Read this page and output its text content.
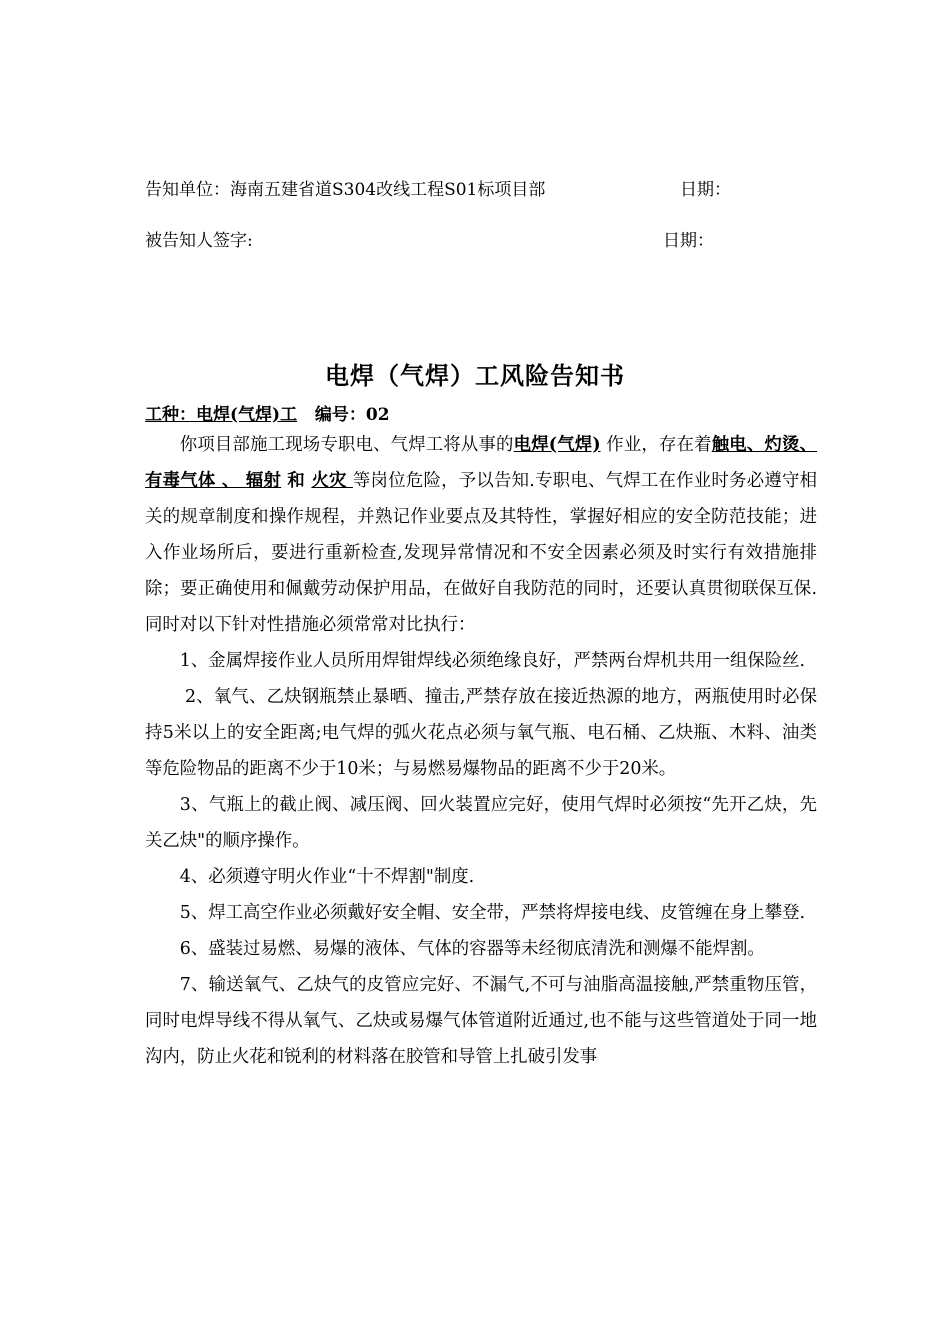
告知单位：海南五建省道S304改线工程S01标项目部	日期：
被告知人签字:	日期：
电焊（气焊）工风险告知书
工种：电焊(气焊)工 编号：02

你项目部施工现场专职电、气焊工将从事的电焊(气焊) 作业，存在着触电、灼烫、 有毒气体 、 辐射 和 火灾 等岗位危险，予以告知.专职电、气焊工在作业时务必遵守相关的规章制度和操作规程，并熟记作业要点及其特性，掌握好相应的安全防范技能；进入作业场所后，要进行重新检查,发现异常情况和不安全因素必须及时实行有效措施排除；要正确使用和佩戴劳动保护用品，在做好自我防范的同时，还要认真贯彻联保互保.同时对以下针对性措施必须常常对比执行：

1、金属焊接作业人员所用焊钳焊线必须绝缘良好，严禁两台焊机共用一组保险丝.

2、氧气、乙炔钢瓶禁止暴晒、撞击,严禁存放在接近热源的地方，两瓶使用时必保持5米以上的安全距离;电气焊的弧火花点必须与氧气瓶、电石桶、乙炔瓶、木料、油类等危险物品的距离不少于10米；与易燃易爆物品的距离不少于20米。

3、气瓶上的截止阀、减压阀、回火装置应完好，使用气焊时必须按“先开乙炔，先关乙炔"的顺序操作。

4、必须遵守明火作业“十不焊割"制度.

5、焊工高空作业必须戴好安全帽、安全带，严禁将焊接电线、皮管缠在身上攀登.

6、盛装过易燃、易爆的液体、气体的容器等未经彻底清洗和测爆不能焊割。

7、输送氧气、乙炔气的皮管应完好、不漏气,不可与油脂高温接触,严禁重物压管，同时电焊导线不得从氧气、乙炔或易爆气体管道附近通过,也不能与这些管道处于同一地沟内，防止火花和锐利的材料落在胶管和导管上扎破引发事
